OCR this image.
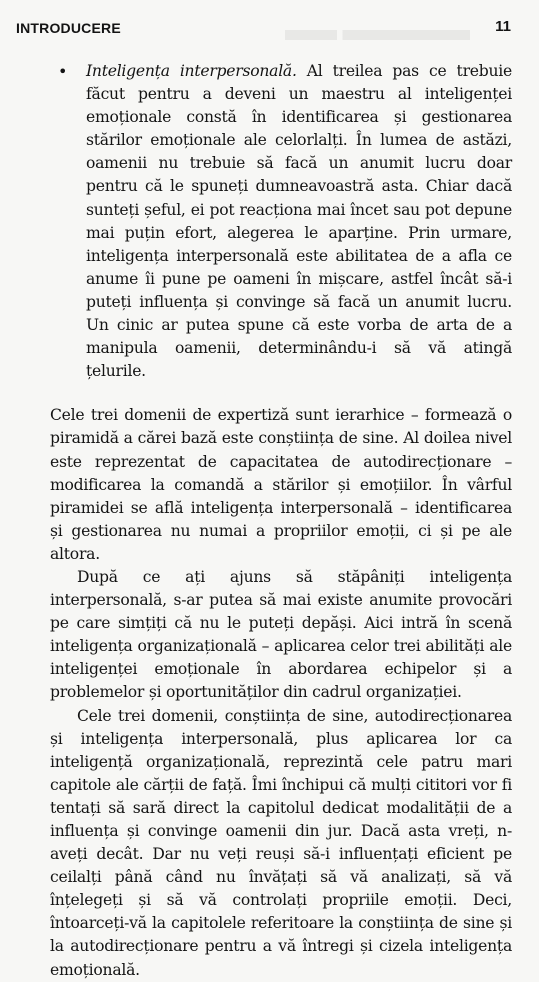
INTRODUCERE	11
• Inteligența interpersonală. Al treilea pas ce trebuie făcut pentru a deveni un maestru al inteligenței emoționale constă în identificarea și gestionarea stărilor emoționale ale celorlalți. În lumea de astăzi, oamenii nu trebuie să facă un anumit lucru doar pentru că le spuneți dumneavoastră asta. Chiar dacă sunteți șeful, ei pot reacționa mai încet sau pot depune mai puțin efort, alegerea le aparține. Prin urmare, inteligența interpersonală este abilitatea de a afla ce anume îi pune pe oameni în mișcare, astfel încât să-i puteți influența și convinge să facă un anumit lucru. Un cinic ar putea spune că este vorba de arta de a manipula oamenii, determinându-i să vă atingă țelurile.

Cele trei domenii de expertiză sunt ierarhice – formează o piramidă a cărei bază este conștiința de sine. Al doilea nivel este reprezentat de capacitatea de autodirecționare – modificarea la comandă a stărilor și emoțiilor. În vârful piramidei se află inteligența interpersonală – identificarea și gestionarea nu numai a propriilor emoții, ci și pe ale altora.

După ce ați ajuns să stăpâniți inteligența interpersonală, s-ar putea să mai existe anumite provocări pe care simțiți că nu le puteți depăși. Aici intră în scenă inteligența organizațională – aplicarea celor trei abilități ale inteligenței emoționale în abordarea echipelor și a problemelor și oportunităților din cadrul organizației.

Cele trei domenii, conștiința de sine, autodirecționarea și inteligența interpersonală, plus aplicarea lor ca inteligență organizațională, reprezintă cele patru mari capitole ale cărții de față. Îmi închipui că mulți cititori vor fi tentați să sară direct la capitolul dedicat modalității de a influența și convinge oamenii din jur. Dacă asta vreți, n-aveți decât. Dar nu veți reuși să-i influențați eficient pe ceilalți până când nu învățați să vă analizați, să vă înțelegeți și să vă controlați propriile emoții. Deci, întoarceți-vă la capitolele referitoare la conștiința de sine și la autodirecționare pentru a vă întregi și cizela inteligența emoțională.
